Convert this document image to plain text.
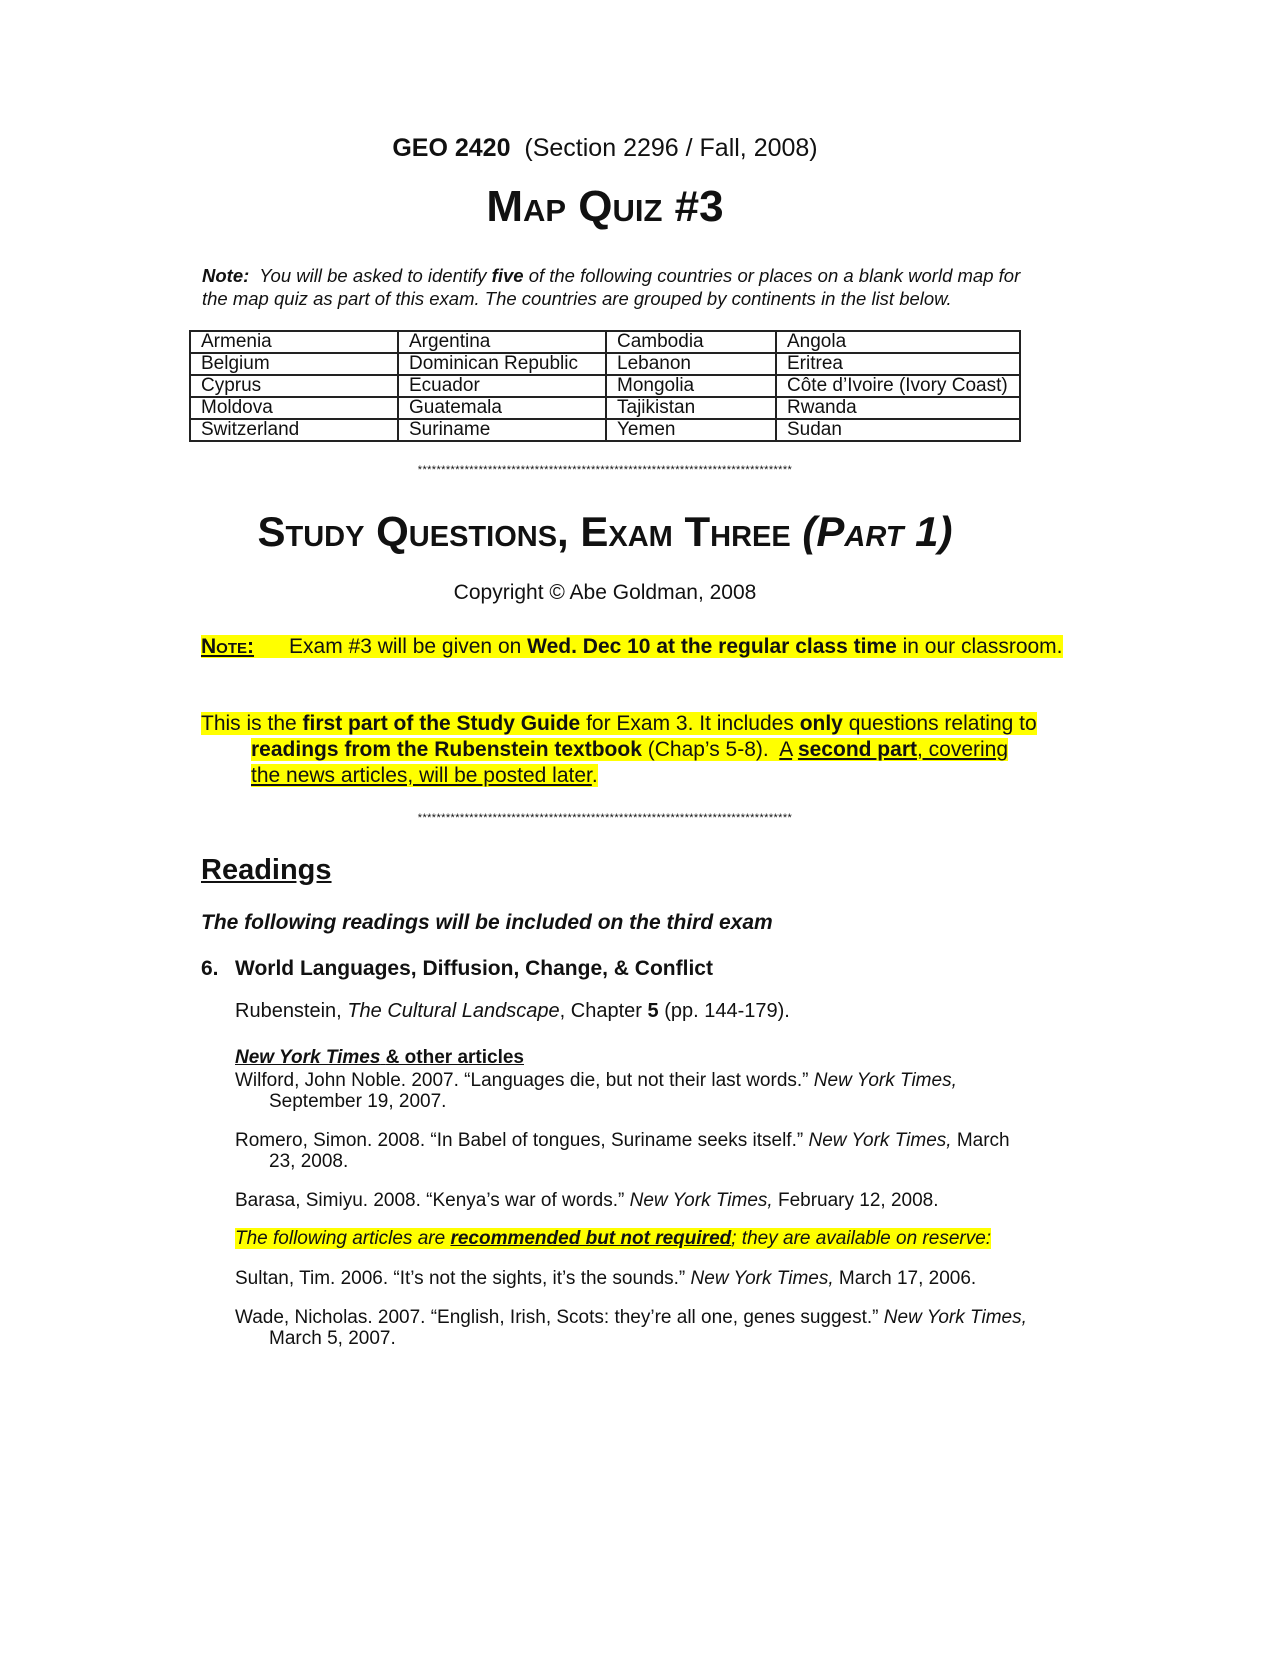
GEO 2420 (Section 2296 / Fall, 2008)
Map Quiz #3
Note: You will be asked to identify five of the following countries or places on a blank world map for the map quiz as part of this exam. The countries are grouped by continents in the list below.
Armenia	Argentina	Cambodia	Angola
Belgium	Dominican Republic	Lebanon	Eritrea
Cyprus	Ecuador	Mongolia	Côte d’Ivoire (Ivory Coast)
Moldova	Guatemala	Tajikistan	Rwanda
Switzerland	Suriname	Yemen	Sudan
********************************************************************************
Study Questions, Exam Three (Part 1)
Copyright © Abe Goldman, 2008
Note: Exam #3 will be given on Wed. Dec 10 at the regular class time in our classroom.
This is the first part of the Study Guide for Exam 3. It includes only questions relating to readings from the Rubenstein textbook (Chap’s 5-8). A second part, covering the news articles, will be posted later.
********************************************************************************
Readings
The following readings will be included on the third exam
6. World Languages, Diffusion, Change, & Conflict
Rubenstein, The Cultural Landscape, Chapter 5 (pp. 144-179).
New York Times & other articles
Wilford, John Noble. 2007. “Languages die, but not their last words.” New York Times, September 19, 2007.
Romero, Simon. 2008. “In Babel of tongues, Suriname seeks itself.” New York Times, March 23, 2008.
Barasa, Simiyu. 2008. “Kenya’s war of words.” New York Times, February 12, 2008.
The following articles are recommended but not required; they are available on reserve:
Sultan, Tim. 2006. “It’s not the sights, it’s the sounds.” New York Times, March 17, 2006.
Wade, Nicholas. 2007. “English, Irish, Scots: they’re all one, genes suggest.” New York Times, March 5, 2007.
